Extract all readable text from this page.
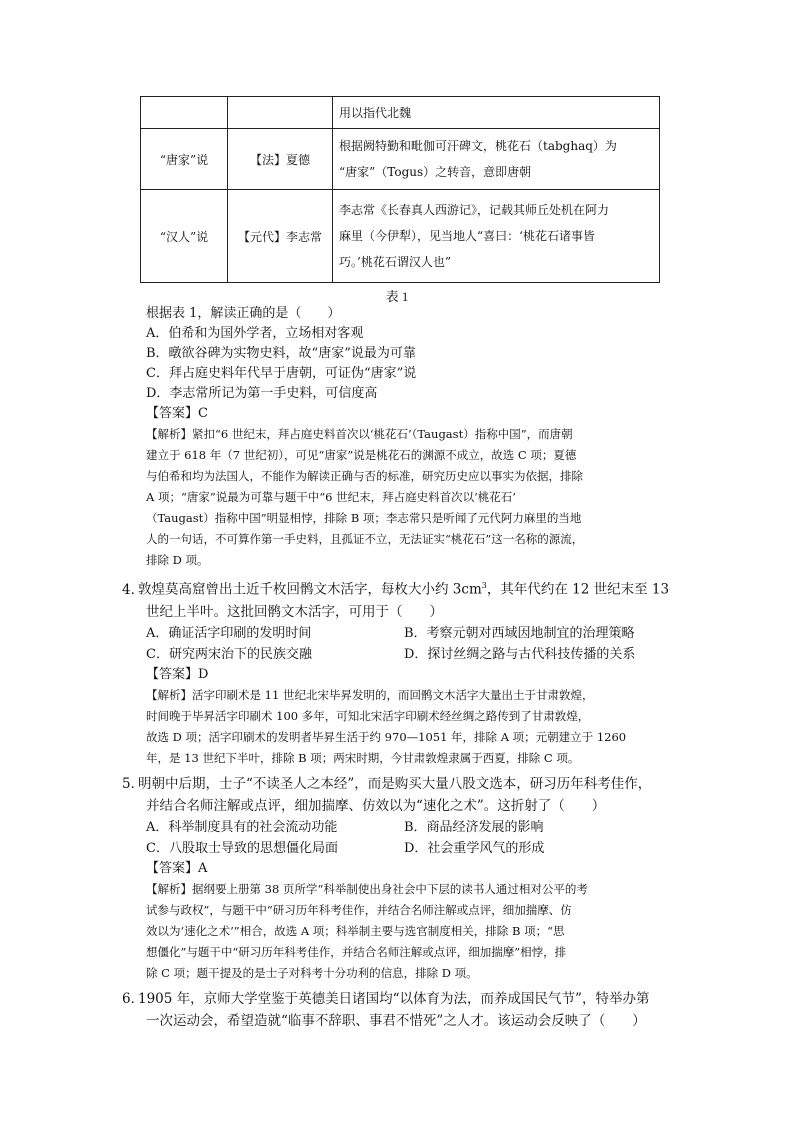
		用以指代北魏
“唐家”说	【法】夏德	根据阙特勤和毗伽可汗碑文，桃花石（tabghaq）为
“唐家”（Togus）之转音，意即唐朝

“汉人”说	【元代】李志常	李志常《长春真人西游记》，记载其师丘处机在阿力
麻里（今伊犁），见当地人“喜曰：‘桃花石诸事皆
巧。’桃花石谓汉人也”
表 1
根据表 1，解读正确的是（　　）
A．伯希和为国外学者，立场相对客观
B．暾欲谷碑为实物史料，故“唐家”说最为可靠
C．拜占庭史料年代早于唐朝，可证伪“唐家”说
D．李志常所记为第一手史料，可信度高
【答案】C
【解析】紧扣“6 世纪末，拜占庭史料首次以‘桃花石’（Taugast）指称中国”，而唐朝
建立于 618 年（7 世纪初），可见“唐家”说是桃花石的渊源不成立，故选 C 项；夏德
与伯希和均为法国人，不能作为解读正确与否的标准，研究历史应以事实为依据，排除
A 项；“唐家”说最为可靠与题干中“6 世纪末，拜占庭史料首次以‘桃花石’
（Taugast）指称中国”明显相悖，排除 B 项；李志常只是听闻了元代阿力麻里的当地
人的一句话，不可算作第一手史料，且孤证不立，无法证实“桃花石”这一名称的源流，
排除 D 项。
4．敦煌莫高窟曾出土近千枚回鹘文木活字，每枚大小约 $3cm^3$，其年代约在 12 世纪末至 13
世纪上半叶。这批回鹘文木活字，可用于（　　）
A．确证活字印刷的发明时间	B．考察元朝对西域因地制宜的治理策略
C．研究两宋治下的民族交融	D．探讨丝绸之路与古代科技传播的关系
【答案】D
【解析】活字印刷术是 11 世纪北宋毕昇发明的，而回鹘文木活字大量出土于甘肃敦煌，
时间晚于毕昇活字印刷术 100 多年，可知北宋活字印刷术经丝绸之路传到了甘肃敦煌，
故选 D 项；活字印刷术的发明者毕昇生活于约 970—1051 年，排除 A 项；元朝建立于 1260
年，是 13 世纪下半叶，排除 B 项；两宋时期，今甘肃敦煌隶属于西夏，排除 C 项。
5．明朝中后期，士子“不读圣人之本经”，而是购买大量八股文选本，研习历年科考佳作，
并结合名师注解或点评，细加揣摩、仿效以为“速化之术”。这折射了（　　）
A．科举制度具有的社会流动功能	B．商品经济发展的影响
C．八股取士导致的思想僵化局面	D．社会重学风气的形成
【答案】A
【解析】据纲要上册第 38 页所学“科举制使出身社会中下层的读书人通过相对公平的考
试参与政权”，与题干中“研习历年科考佳作，并结合名师注解或点评，细加揣摩、仿
效以为‘速化之术’”相合，故选 A 项；科举制主要与选官制度相关，排除 B 项；“思
想僵化”与题干中“研习历年科考佳作，并结合名师注解或点评，细加揣摩”相悖，排
除 C 项；题干提及的是士子对科考十分功利的信息，排除 D 项。
6．1905 年，京师大学堂鉴于英德美日诸国均“以体育为法，而养成国民气节”，特举办第
一次运动会，希望造就“临事不辞职、事君不惜死”之人才。该运动会反映了（　　）
